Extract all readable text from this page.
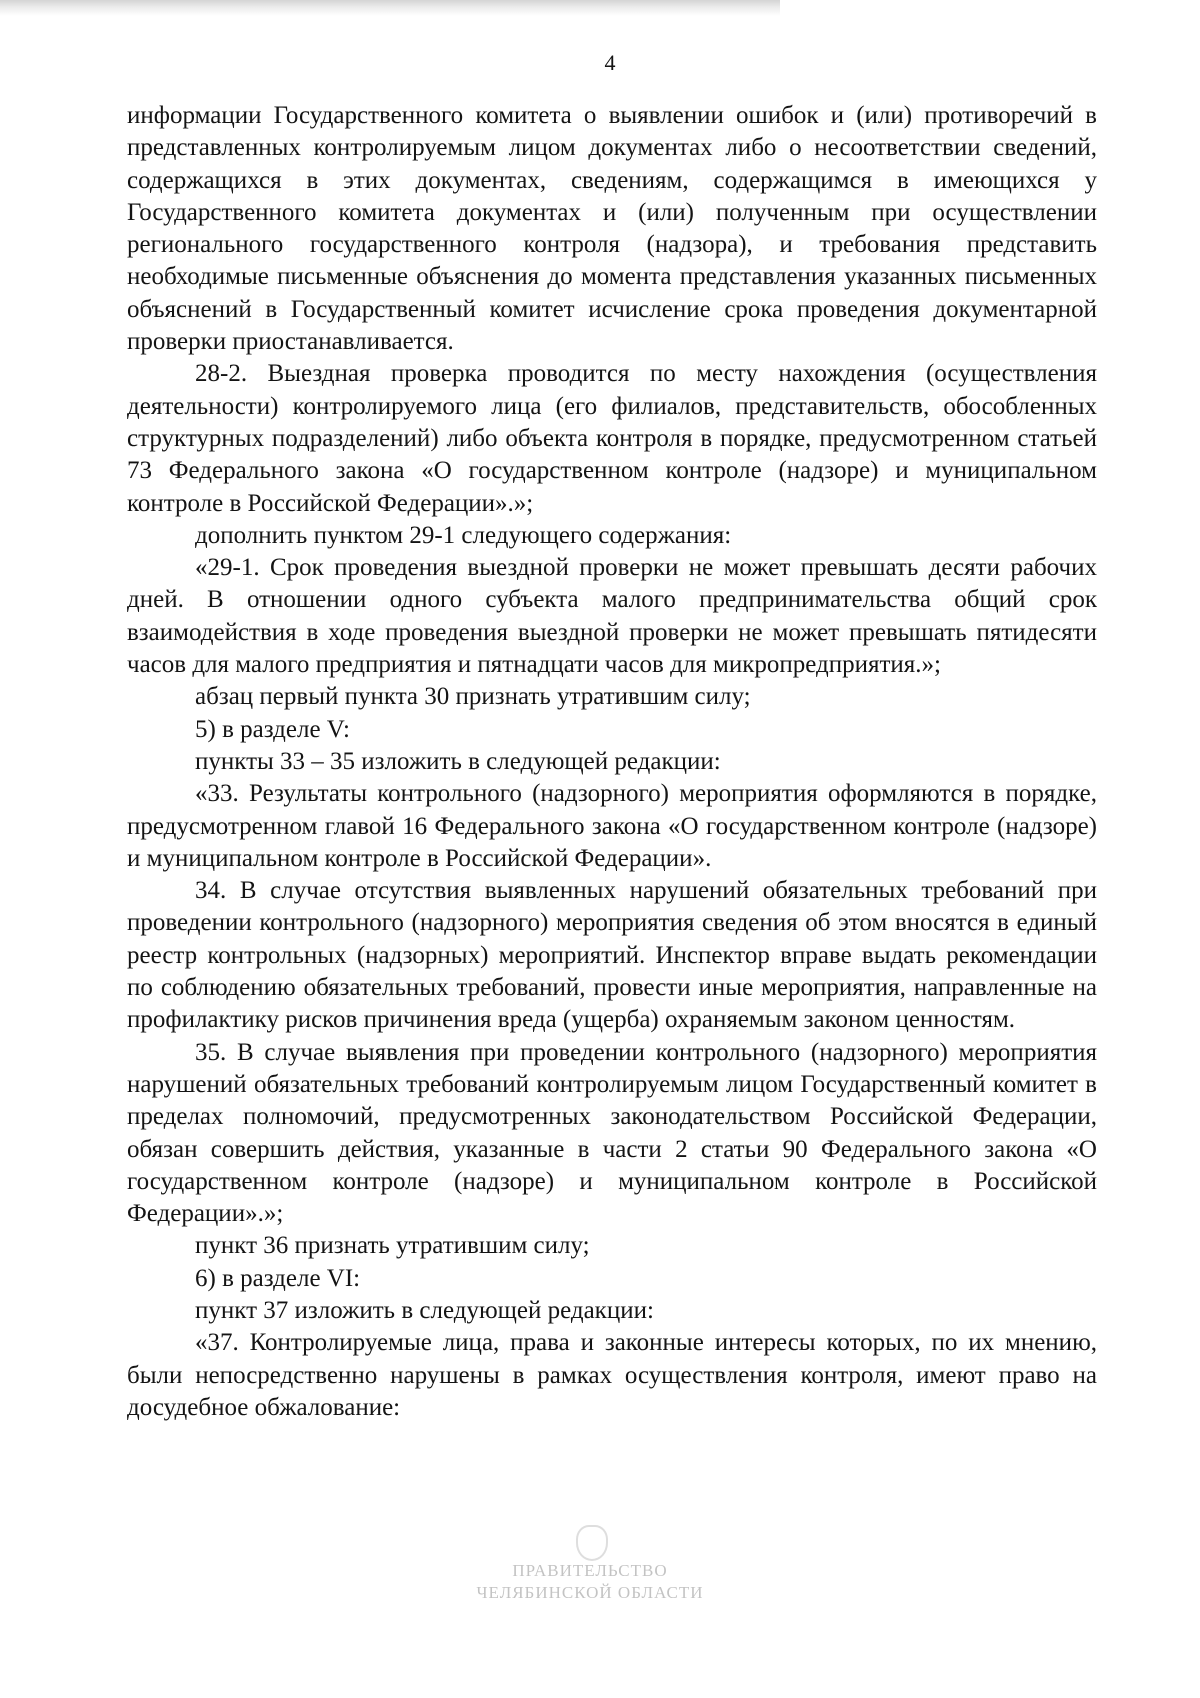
4

информации Государственного комитета о выявлении ошибок и (или) противоречий в представленных контролируемым лицом документах либо о несоответствии сведений, содержащихся в этих документах, сведениям, содержащимся в имеющихся у Государственного комитета документах и (или) полученным при осуществлении регионального государственного контроля (надзора), и требования представить необходимые письменные объяснения до момента представления указанных письменных объяснений в Государственный комитет исчисление срока проведения документарной проверки приостанавливается.

28-2. Выездная проверка проводится по месту нахождения (осуществления деятельности) контролируемого лица (его филиалов, представительств, обособленных структурных подразделений) либо объекта контроля в порядке, предусмотренном статьей 73 Федерального закона «О государственном контроле (надзоре) и муниципальном контроле в Российской Федерации».»;

дополнить пунктом 29-1 следующего содержания:

«29-1. Срок проведения выездной проверки не может превышать десяти рабочих дней. В отношении одного субъекта малого предпринимательства общий срок взаимодействия в ходе проведения выездной проверки не может превышать пятидесяти часов для малого предприятия и пятнадцати часов для микропредприятия.»;

абзац первый пункта 30 признать утратившим силу;

5) в разделе V:

пункты 33 – 35 изложить в следующей редакции:

«33. Результаты контрольного (надзорного) мероприятия оформляются в порядке, предусмотренном главой 16 Федерального закона «О государственном контроле (надзоре) и муниципальном контроле в Российской Федерации».

34. В случае отсутствия выявленных нарушений обязательных требований при проведении контрольного (надзорного) мероприятия сведения об этом вносятся в единый реестр контрольных (надзорных) мероприятий. Инспектор вправе выдать рекомендации по соблюдению обязательных требований, провести иные мероприятия, направленные на профилактику рисков причинения вреда (ущерба) охраняемым законом ценностям.

35. В случае выявления при проведении контрольного (надзорного) мероприятия нарушений обязательных требований контролируемым лицом Государственный комитет в пределах полномочий, предусмотренных законодательством Российской Федерации, обязан совершить действия, указанные в части 2 статьи 90 Федерального закона «О государственном контроле (надзоре) и муниципальном контроле в Российской Федерации».»;

пункт 36 признать утратившим силу;

6) в разделе VI:

пункт 37 изложить в следующей редакции:

«37. Контролируемые лица, права и законные интересы которых, по их мнению, были непосредственно нарушены в рамках осуществления контроля, имеют право на досудебное обжалование:

ПРАВИТЕЛЬСТВО
ЧЕЛЯБИНСКОЙ ОБЛАСТИ
